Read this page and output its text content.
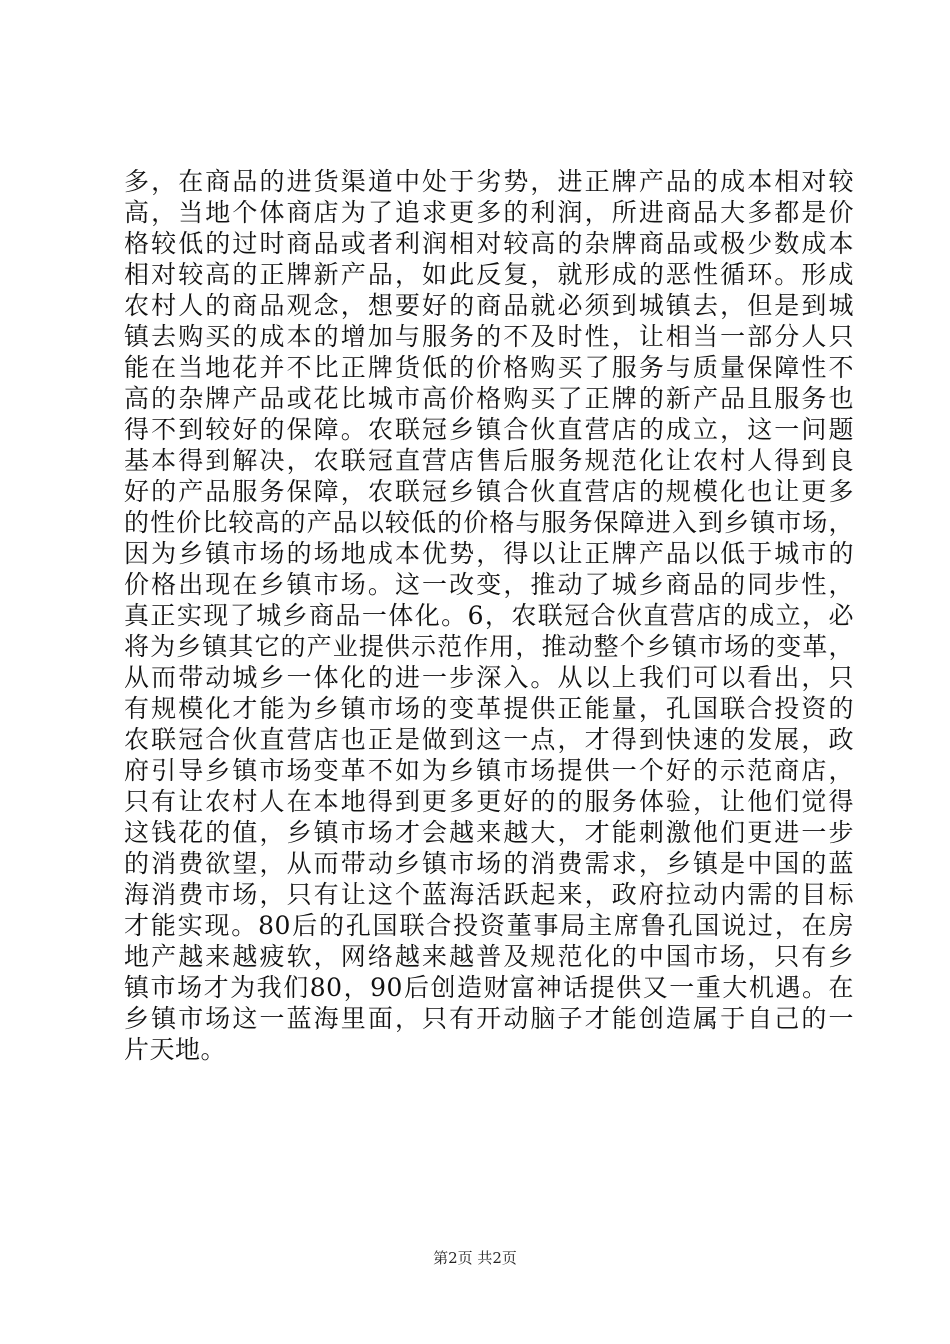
多，在商品的进货渠道中处于劣势，进正牌产品的成本相对较
高，当地个体商店为了追求更多的利润，所进商品大多都是价
格较低的过时商品或者利润相对较高的杂牌商品或极少数成本
相对较高的正牌新产品，如此反复，就形成的恶性循环。形成
农村人的商品观念，想要好的商品就必须到城镇去，但是到城
镇去购买的成本的增加与服务的不及时性，让相当一部分人只
能在当地花并不比正牌货低的价格购买了服务与质量保障性不
高的杂牌产品或花比城市高价格购买了正牌的新产品且服务也
得不到较好的保障。农联冠乡镇合伙直营店的成立，这一问题
基本得到解决，农联冠直营店售后服务规范化让农村人得到良
好的产品服务保障，农联冠乡镇合伙直营店的规模化也让更多
的性价比较高的产品以较低的价格与服务保障进入到乡镇市场，
因为乡镇市场的场地成本优势，得以让正牌产品以低于城市的
价格出现在乡镇市场。这一改变，推动了城乡商品的同步性，
真正实现了城乡商品一体化。6，农联冠合伙直营店的成立，必
将为乡镇其它的产业提供示范作用，推动整个乡镇市场的变革，
从而带动城乡一体化的进一步深入。从以上我们可以看出，只
有规模化才能为乡镇市场的变革提供正能量，孔国联合投资的
农联冠合伙直营店也正是做到这一点，才得到快速的发展，政
府引导乡镇市场变革不如为乡镇市场提供一个好的示范商店，
只有让农村人在本地得到更多更好的的服务体验，让他们觉得
这钱花的值，乡镇市场才会越来越大，才能刺激他们更进一步
的消费欲望，从而带动乡镇市场的消费需求，乡镇是中国的蓝
海消费市场，只有让这个蓝海活跃起来，政府拉动内需的目标
才能实现。80后的孔国联合投资董事局主席鲁孔国说过，在房
地产越来越疲软，网络越来越普及规范化的中国市场，只有乡
镇市场才为我们80，90后创造财富神话提供又一重大机遇。在
乡镇市场这一蓝海里面，只有开动脑子才能创造属于自己的一
片天地。
第2页 共2页
